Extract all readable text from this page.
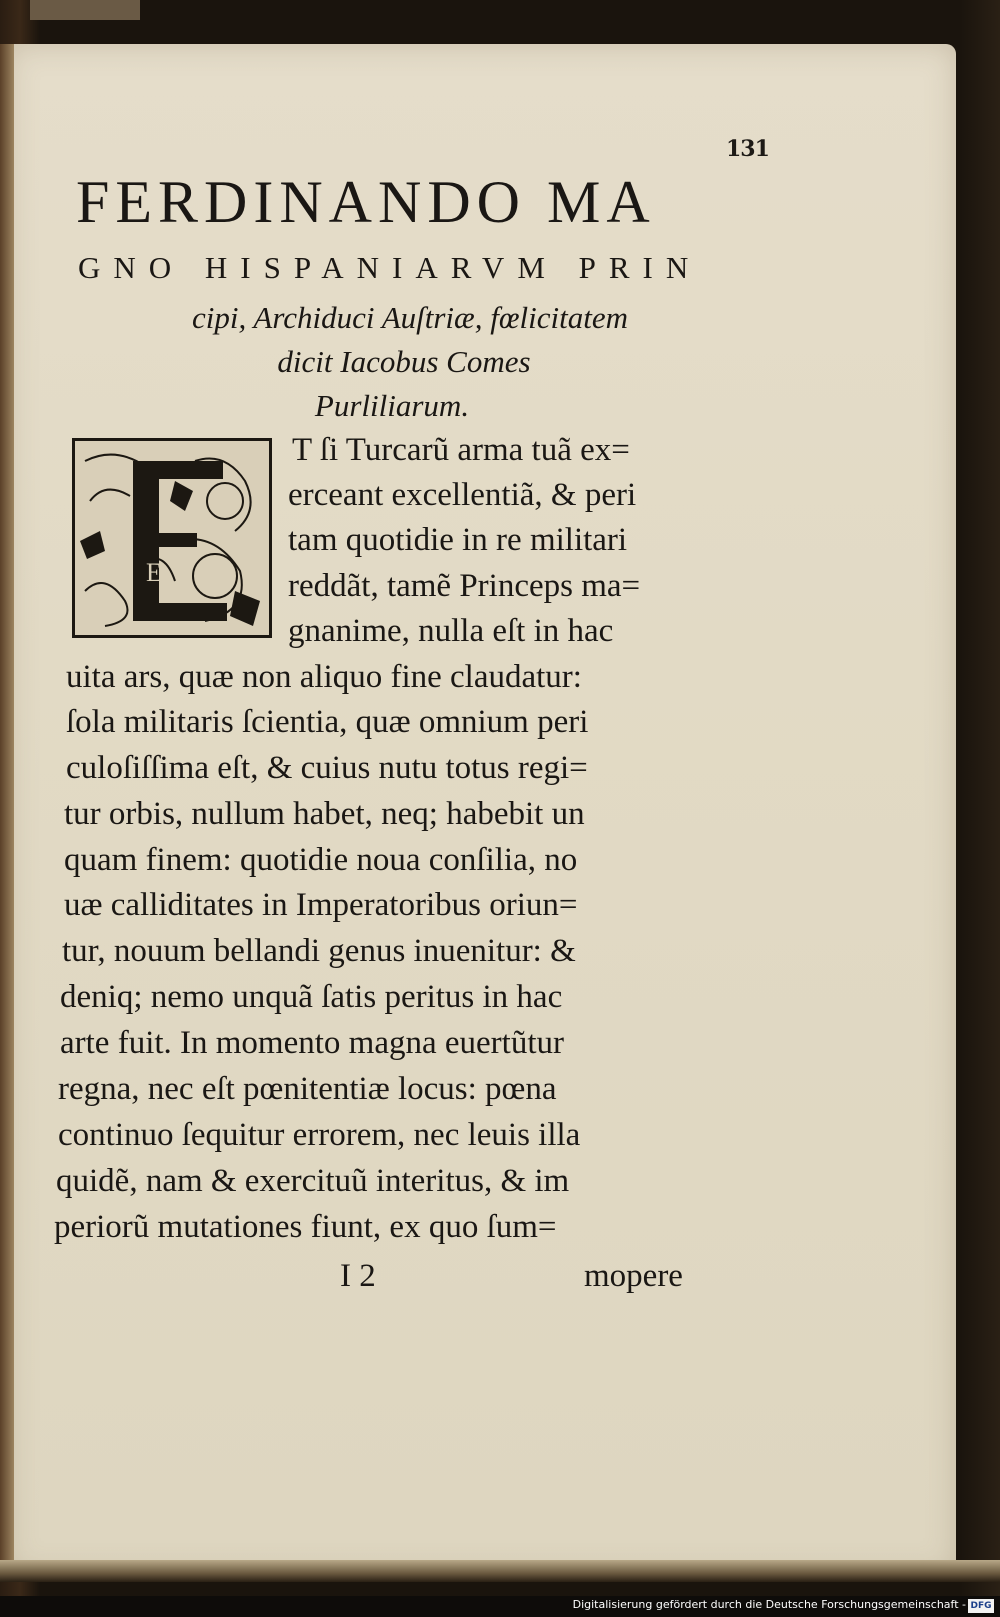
131
FERDINANDO MA
GNO HISPANIARVM PRIN
cipi, Archiduci Auſtriæ, fœlicitatem
dicit Iacobus Comes
Purliliarum.
E
T ſi Turcarũ arma tuã ex=
erceant excellentiã, & peri
tam quotidie in re militari
reddãt, tamẽ Princeps ma=
gnanime, nulla eſt in hac
uita ars, quæ non aliquo fine claudatur:
ſola militaris ſcientia, quæ omnium peri
culoſiſſima eſt, & cuius nutu totus regi=
tur orbis, nullum habet, neq; habebit un
quam finem: quotidie noua conſilia, no
uæ calliditates in Imperatoribus oriun=
tur, nouum bellandi genus inuenitur: &
deniq; nemo unquã ſatis peritus in hac
arte fuit. In momento magna euertũtur
regna, nec eſt pœnitentiæ locus: pœna
continuo ſequitur errorem, nec leuis illa
quidẽ, nam & exercituũ interitus, & im
periorũ mutationes fiunt, ex quo ſum=
I 2	mopere
Digitalisierung gefördert durch die Deutsche Forschungsgemeinschaft - DFG
